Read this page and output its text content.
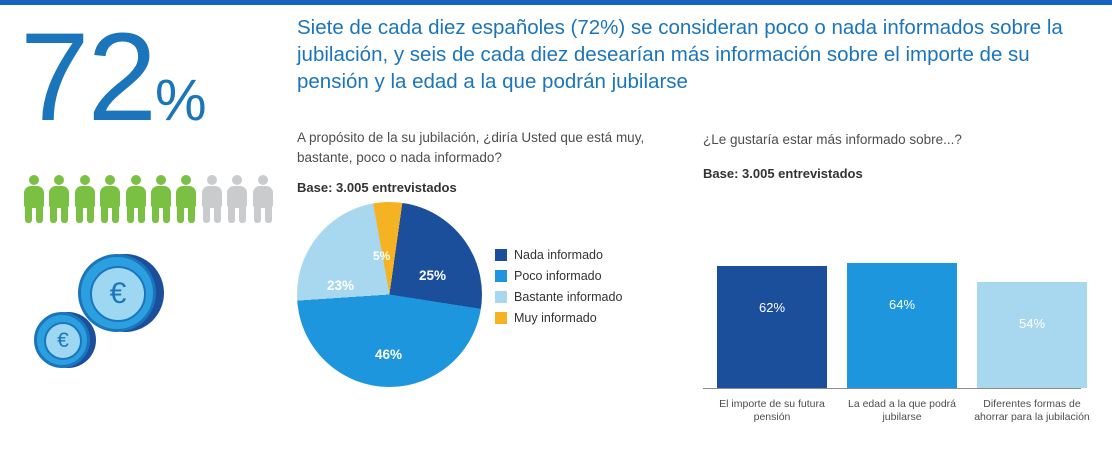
72%
€
€
Siete de cada diez españoles (72%) se consideran poco o nada informados sobre la jubilación, y seis de cada diez desearían más información sobre el importe de su pensión y la edad a la que podrán jubilarse
A propósito de la su jubilación, ¿diría Usted que está muy, bastante, poco o nada informado?
Base: 3.005 entrevistados
25%
46%
23%
5%	Nada informado
Poco informado
Bastante informado
Muy informado
¿Le gustaría estar más informado sobre...?
Base: 3.005 entrevistados
62%
El importe de su futura pensión
64%
La edad a la que podrá jubilarse
54%
Diferentes formas de ahorrar para la jubilación
